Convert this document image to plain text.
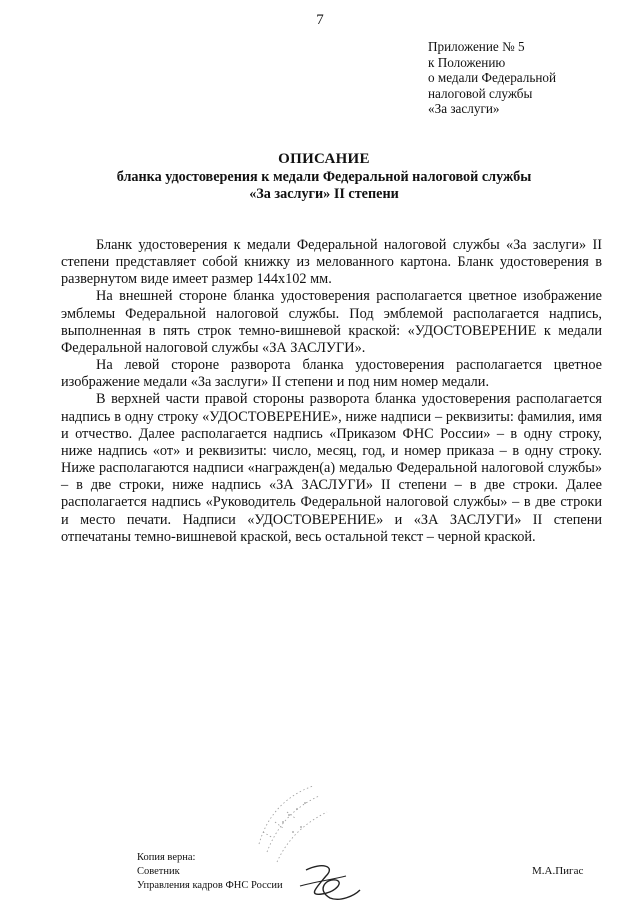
7
Приложение № 5
к Положению
о медали Федеральной
налоговой службы
«За заслуги»
ОПИСАНИЕ
бланка удостоверения к медали Федеральной налоговой службы
«За заслуги» II степени

Бланк удостоверения к медали Федеральной налоговой службы «За заслуги» II степени представляет собой книжку из мелованного картона. Бланк удостоверения в развернутом виде имеет размер 144х102 мм.

На внешней стороне бланка удостоверения располагается цветное изображение эмблемы Федеральной налоговой службы. Под эмблемой располагается надпись, выполненная в пять строк темно-вишневой краской: «УДОСТОВЕРЕНИЕ к медали Федеральной налоговой службы «ЗА ЗАСЛУГИ».

На левой стороне разворота бланка удостоверения располагается цветное изображение медали «За заслуги» II степени и под ним номер медали.

В верхней части правой стороны разворота бланка удостоверения располагается надпись в одну строку «УДОСТОВЕРЕНИЕ», ниже надписи – реквизиты: фамилия, имя и отчество. Далее располагается надпись «Приказом ФНС России» – в одну строку, ниже надпись «от» и реквизиты: число, месяц, год, и номер приказа – в одну строку. Ниже располагаются надписи «награжден(а) медалью Федеральной налоговой службы» – в две строки, ниже надпись «ЗА ЗАСЛУГИ» II степени – в две строки. Далее располагается надпись «Руководитель Федеральной налоговой службы» – в две строки и место печати. Надписи «УДОСТОВЕРЕНИЕ» и «ЗА ЗАСЛУГИ» II степени отпечатаны темно-вишневой краской, весь остальной текст – черной краской.

Копия верна:
Советник
Управления кадров ФНС России
М.А.Пигас
